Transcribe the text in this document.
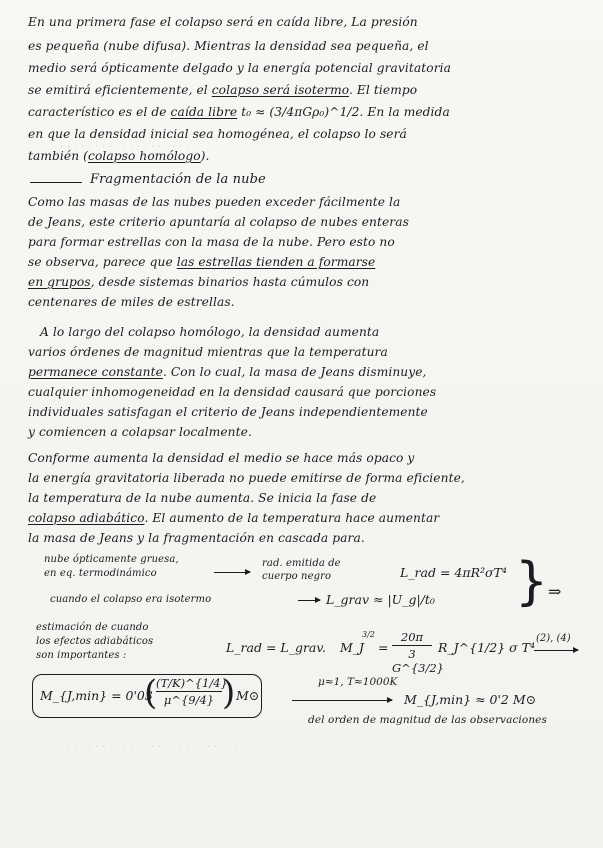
· · · · · · · · · · · · · · · · · · ·
· · · · · · · · · · · · · · · · · · · · · · · · · ·
En una primera fase el colapso será en caída libre, La presión
es pequeña (nube difusa). Mientras la densidad sea pequeña, el
medio será ópticamente delgado y la energía potencial gravitatoria
se emitirá eficientemente, el colapso será isotermo. El tiempo
característico es el de caída libre t₀ ≈ (3/4πGρ₀)^1/2. En la medida
en que la densidad inicial sea homogénea, el colapso lo será
también (colapso homólogo).
Fragmentación de la nube
Como las masas de las nubes pueden exceder fácilmente la
de Jeans, este criterio apuntaría al colapso de nubes enteras
para formar estrellas con la masa de la nube. Pero esto no
se observa, parece que las estrellas tienden a formarse
en grupos, desde sistemas binarios hasta cúmulos con
centenares de miles de estrellas.
A lo largo del colapso homólogo, la densidad aumenta
varios órdenes de magnitud mientras que la temperatura
permanece constante. Con lo cual, la masa de Jeans disminuye,
cualquier inhomogeneidad en la densidad causará que porciones
individuales satisfagan el criterio de Jeans independientemente
y comiencen a colapsar localmente.
Conforme aumenta la densidad el medio se hace más opaco y
la energía gravitatoria liberada no puede emitirse de forma eficiente,
la temperatura de la nube aumenta. Se inicia la fase de
colapso adiabático. El aumento de la temperatura hace aumentar
la masa de Jeans y la fragmentación en cascada para.
nube ópticamente gruesa,
en eq. termodinámico
rad. emitida de
cuerpo negro	L_rad = 4πR²σT⁴
cuando el colapso era isotermo	L_grav ≈ |U_g|/t₀ } ⇒
estimación de cuando
los efectos adiabáticos
son importantes :
L_rad = L_grav. M_J
3/2
=
20π
3 G^{3/2}
R_J^{1/2} σ T⁴
(2), (4)
M_{J,min} = 0'03
(
(T/K)^{1/4}
μ^{9/4} ) M⊙
μ≈1, T≈1000K
M_{J,min} ≈ 0'2 M⊙
del orden de magnitud de las observaciones
